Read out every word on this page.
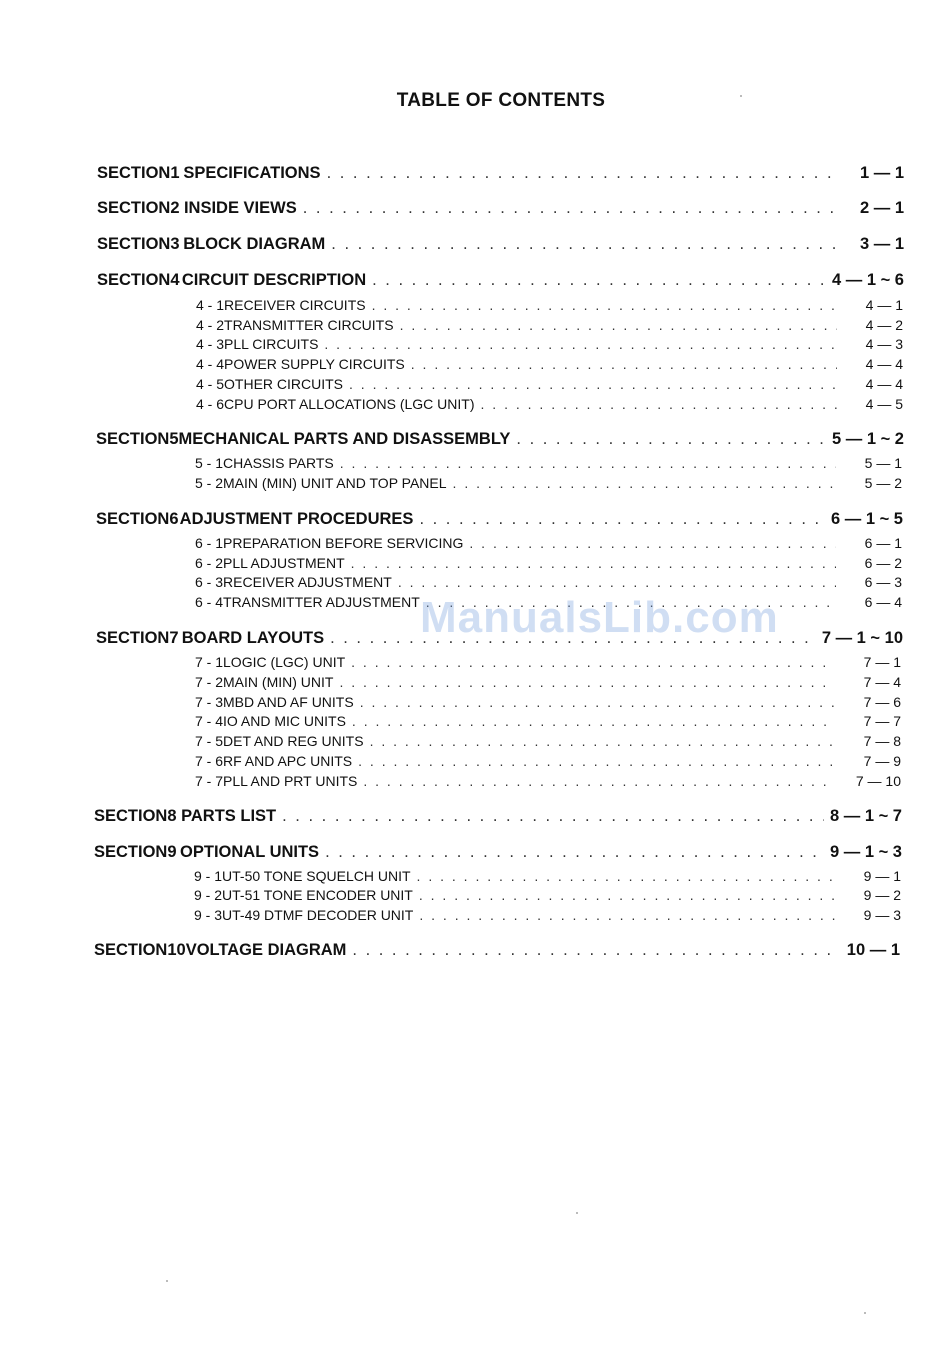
TABLE OF CONTENTS
SECTION 1 SPECIFICATIONS . . .	1 — 1
SECTION 2 INSIDE VIEWS . . .	2 — 1
SECTION 3 BLOCK DIAGRAM . . .	3 — 1
SECTION 4 CIRCUIT DESCRIPTION . . .	4 — 1 ~ 6
4 - 1 RECEIVER CIRCUITS . . .	4 — 1
4 - 2 TRANSMITTER CIRCUITS . . .	4 — 2
4 - 3 PLL CIRCUITS . . .	4 — 3
4 - 4 POWER SUPPLY CIRCUITS . . .	4 — 4
4 - 5 OTHER CIRCUITS . . .	4 — 4
4 - 6 CPU PORT ALLOCATIONS (LGC UNIT) . . .	4 — 5
SECTION 5 MECHANICAL PARTS AND DISASSEMBLY . . .	5 — 1 ~ 2
5 - 1 CHASSIS PARTS . . .	5 — 1
5 - 2 MAIN (MIN) UNIT AND TOP PANEL . . .	5 — 2
SECTION 6 ADJUSTMENT PROCEDURES . . .	6 — 1 ~ 5
6 - 1 PREPARATION BEFORE SERVICING . . .	6 — 1
6 - 2 PLL ADJUSTMENT . . .	6 — 2
6 - 3 RECEIVER ADJUSTMENT . . .	6 — 3
6 - 4 TRANSMITTER ADJUSTMENT . . .	6 — 4
SECTION 7 BOARD LAYOUTS . . .	7 — 1 ~ 10
7 - 1 LOGIC (LGC) UNIT . . .	7 — 1
7 - 2 MAIN (MIN) UNIT . . .	7 — 4
7 - 3 MBD AND AF UNITS . . .	7 — 6
7 - 4 IO AND MIC UNITS . . .	7 — 7
7 - 5 DET AND REG UNITS . . .	7 — 8
7 - 6 RF AND APC UNITS . . .	7 — 9
7 - 7 PLL AND PRT UNITS . . .	7 — 10
SECTION 8 PARTS LIST . . .	8 — 1 ~ 7
SECTION 9 OPTIONAL UNITS . . .	9 — 1 ~ 3
9 - 1 UT-50 TONE SQUELCH UNIT . . .	9 — 1
9 - 2 UT-51 TONE ENCODER UNIT . . .	9 — 2
9 - 3 UT-49 DTMF DECODER UNIT . . .	9 — 3
SECTION 10 VOLTAGE DIAGRAM . . .	10 — 1
ManualsLib.com
